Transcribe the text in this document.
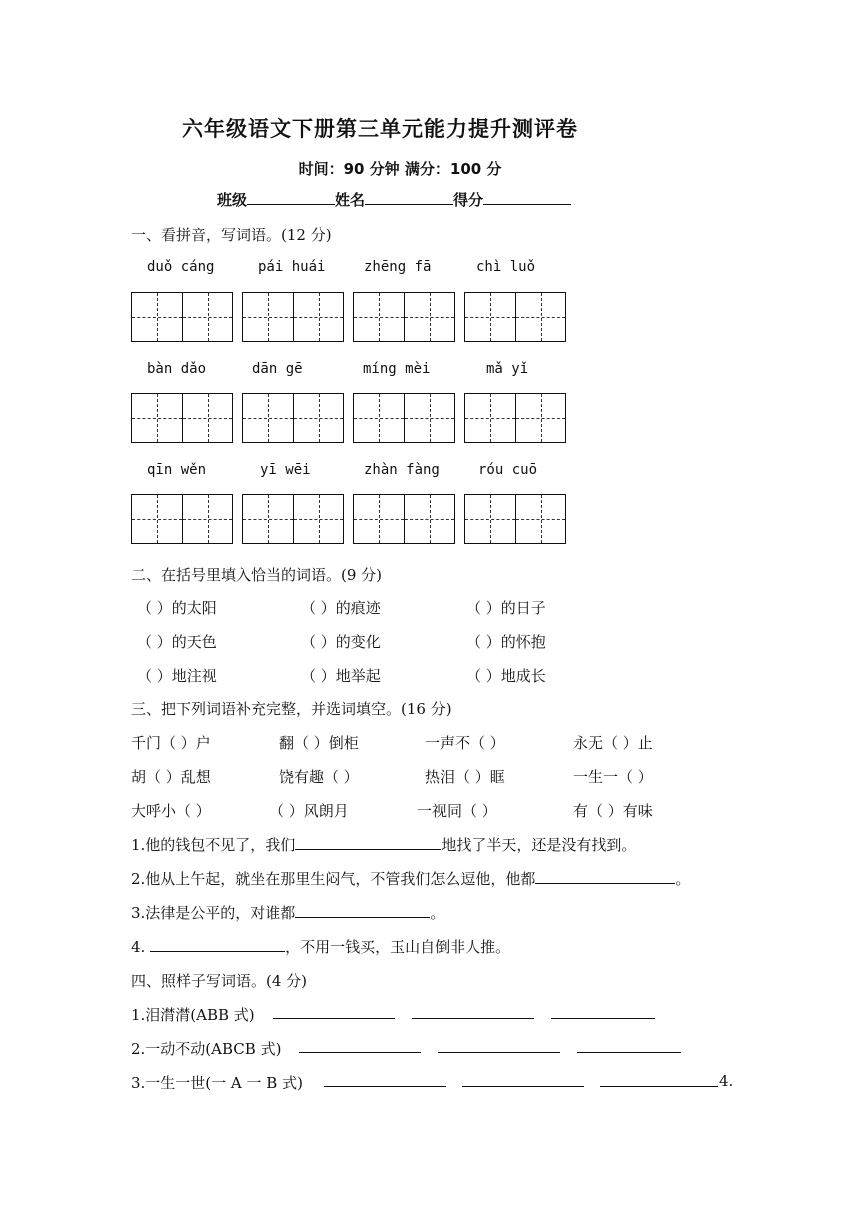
六年级语文下册第三单元能力提升测评卷
时间：90 分钟 满分：100 分
班级	姓名	得分
一、看拼音，写词语。(12 分)
duǒ cáng	pái huái	zhēng fā	chì luǒ
bàn dǎo	dān gē	míng mèi	mǎ yǐ
qīn wěn	yī wēi	zhàn fàng	róu cuō
二、在括号里填入恰当的词语。(9 分)
（ ）的太阳	（ ）的痕迹	（ ）的日子
（ ）的天色	（ ）的变化	（ ）的怀抱
（ ）地注视	（ ）地举起	（ ）地成长
三、把下列词语补充完整，并选词填空。(16 分)
千门（ ）户	翻（ ）倒柜	一声不（ ）	永无（ ）止
胡（ ）乱想	饶有趣（ ）	热泪（ ）眶	一生一（ ）
大呼小（ ）	（ ）风朗月	一视同（ ）	有（ ）有味
1.他的钱包不见了，我们	地找了半天，还是没有找到。
2.他从上午起，就坐在那里生闷气，不管我们怎么逗他，他都	。
3.法律是公平的，对谁都	。
4.	，不用一钱买，玉山自倒非人推。
四、照样子写词语。(4 分)
1.泪潸潸(ABB 式)
2.一动不动(ABCB 式)
3.一生一世(一 A 一 B 式)	4.
